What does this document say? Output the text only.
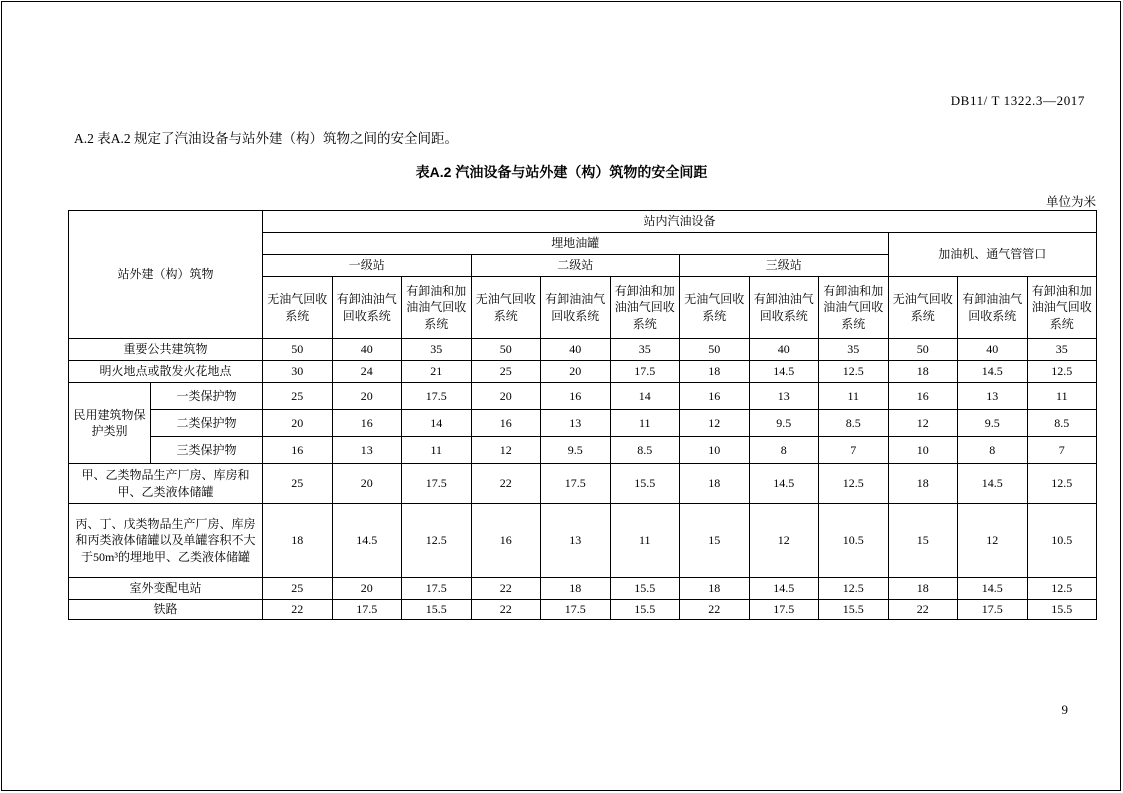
DB11/ T 1322.3—2017
A.2 表A.2 规定了汽油设备与站外建（构）筑物之间的安全间距。
表A.2 汽油设备与站外建（构）筑物的安全间距
单位为米
站外建（构）筑物		站内汽油设备											
		埋地油罐									加油机、通气管管口		
		一级站			二级站			三级站					
		无油气回收系统	有卸油油气回收系统	有卸油和加油油气回收系统	无油气回收系统	有卸油油气回收系统	有卸油和加油油气回收系统	无油气回收系统	有卸油油气回收系统	有卸油和加油油气回收系统	无油气回收系统	有卸油油气回收系统	有卸油和加油油气回收系统
重要公共建筑物		50	40	35	50	40	35	50	40	35	50	40	35
明火地点或散发火花地点		30	24	21	25	20	17.5	18	14.5	12.5	18	14.5	12.5
民用建筑物保护类别	一类保护物	25	20	17.5	20	16	14	16	13	11	16	13	11
	二类保护物	20	16	14	16	13	11	12	9.5	8.5	12	9.5	8.5
	三类保护物	16	13	11	12	9.5	8.5	10	8	7	10	8	7
甲、乙类物品生产厂房、库房和甲、乙类液体储罐		25	20	17.5	22	17.5	15.5	18	14.5	12.5	18	14.5	12.5
丙、丁、戊类物品生产厂房、库房和丙类液体储罐以及单罐容积不大于50m³的埋地甲、乙类液体储罐		18	14.5	12.5	16	13	11	15	12	10.5	15	12	10.5
室外变配电站		25	20	17.5	22	18	15.5	18	14.5	12.5	18	14.5	12.5
铁路		22	17.5	15.5	22	17.5	15.5	22	17.5	15.5	22	17.5	15.5
9
